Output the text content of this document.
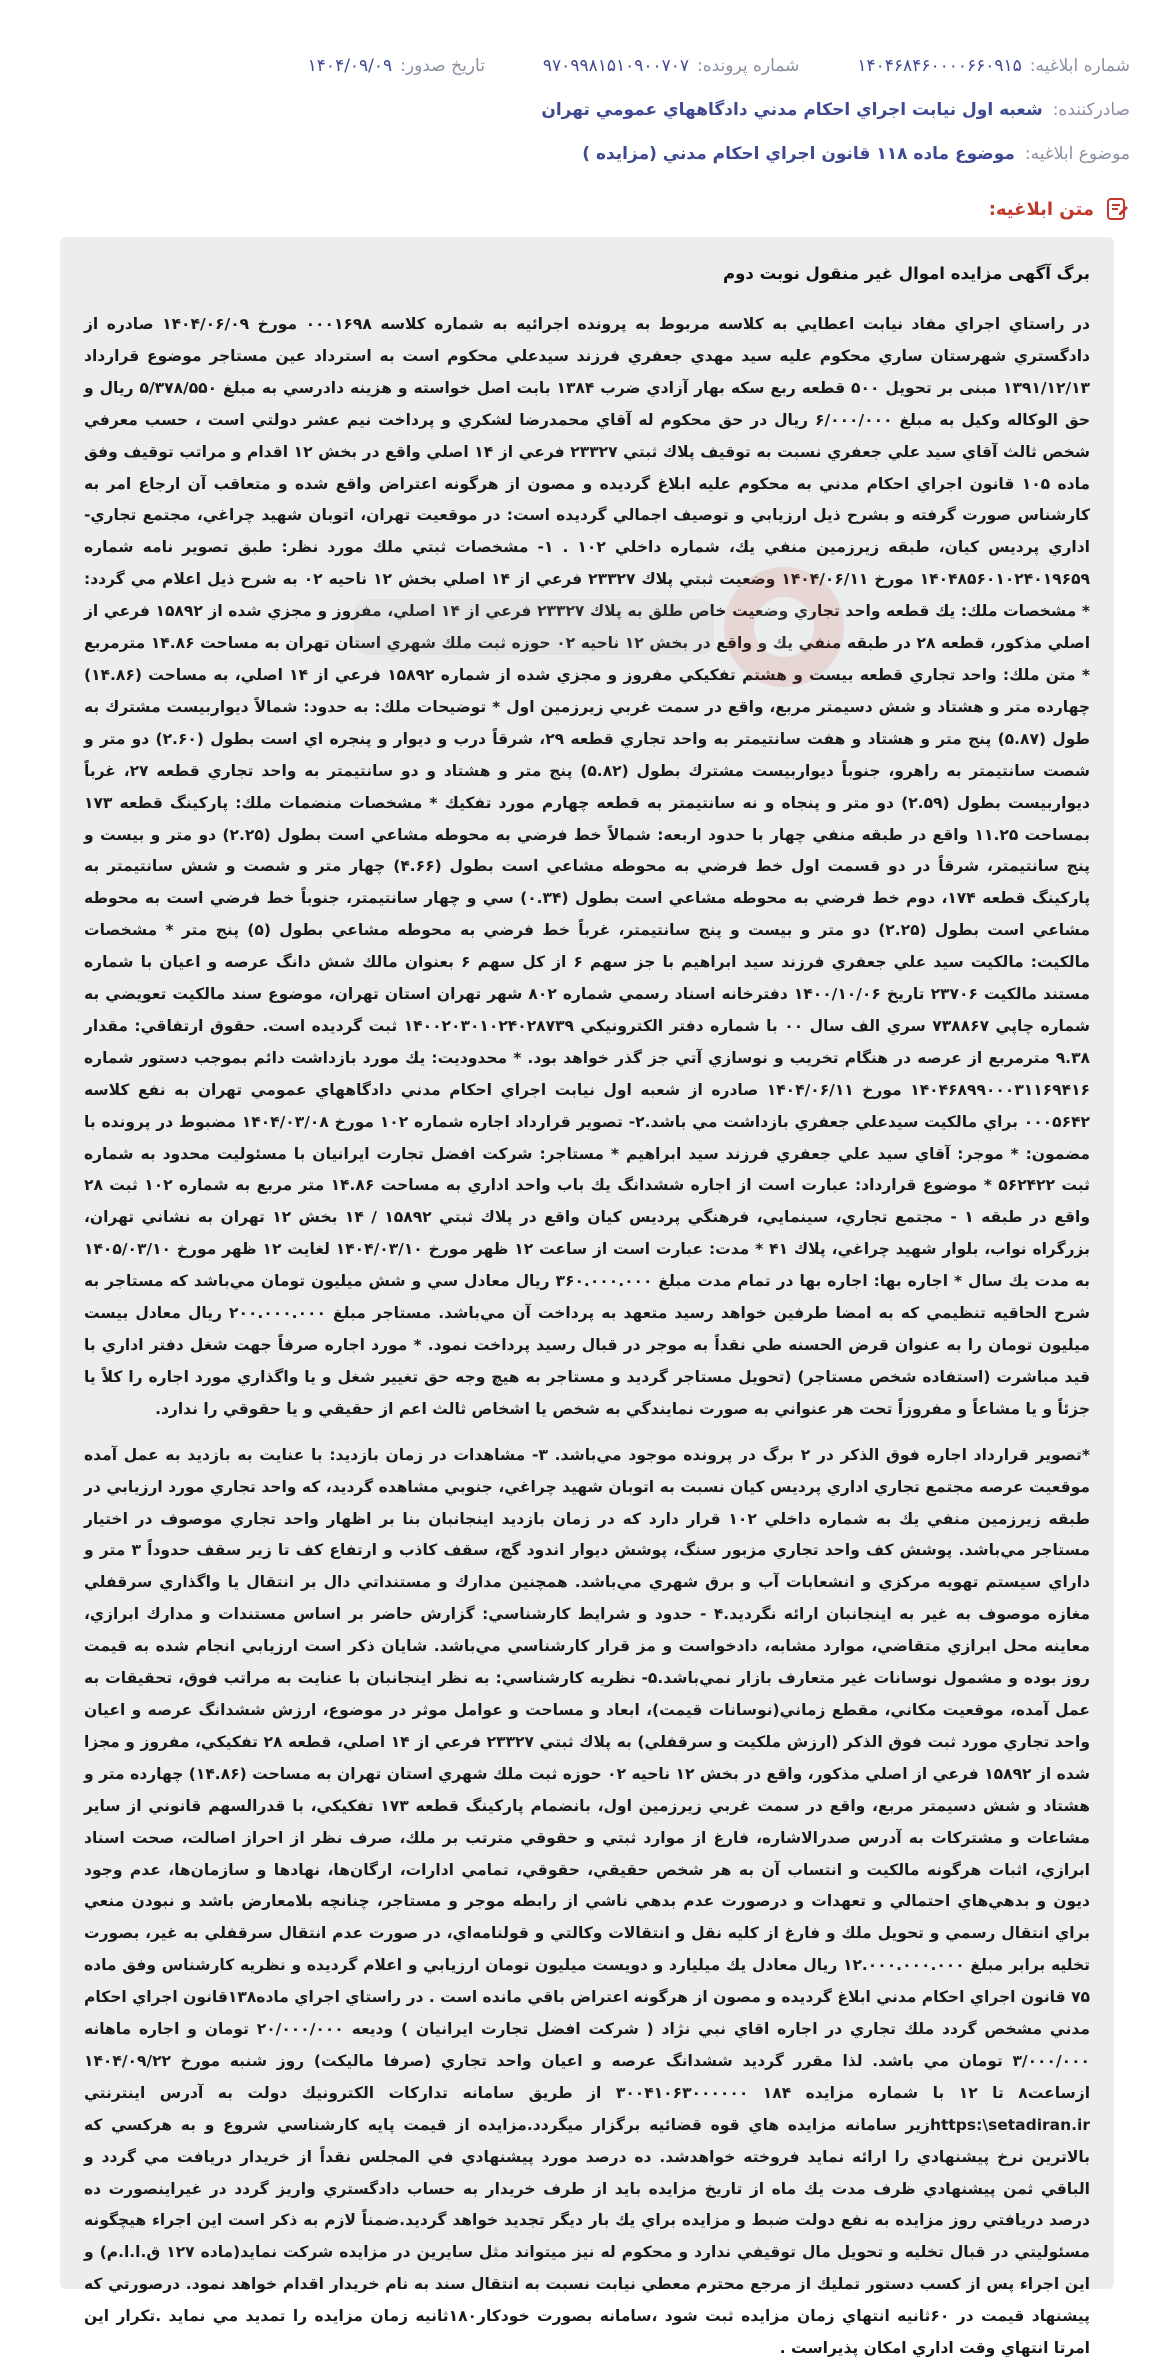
شماره ابلاغیه:
۱۴۰۴۶۸۴۶۰۰۰۰۶۶۰۹۱۵
شماره پرونده:
۹۷۰۹۹۸۱۵۱۰۹۰۰۷۰۷
تاریخ صدور:
۱۴۰۴/۰۹/۰۹
صادرکننده:
شعبه اول نیابت اجراي احکام مدني دادگاههاي عمومي تهران
موضوع ابلاغیه:
موضوع ماده ۱۱۸ قانون اجراي احکام مدني (مزايده )
متن ابلاغیه:
برگ آگهی مزایده اموال غیر منقول نوبت دوم

در راستاي اجراي مفاد نيابت اعطايي به كلاسه مربوط به پرونده اجرائيه به شماره كلاسه ۰۰۰۱۶۹۸ مورخ ۱۴۰۴/۰۶/۰۹ صادره از دادگستري شهرستان ساري محكوم عليه سيد مهدي جعفري فرزند سيدعلي محكوم است به استرداد عين مستاجر موضوع قرارداد ۱۳۹۱/۱۲/۱۳ مبنی بر تحويل ۵۰۰ قطعه ربع سكه بهار آزادي ضرب ۱۳۸۴ بابت اصل خواسته و هزينه دادرسي به مبلغ ۵/۳۷۸/۵۵۰ ريال و حق الوكاله وكيل به مبلغ ۶/۰۰۰/۰۰۰ ريال در حق محكوم له آقاي محمدرضا لشكري و پرداخت نيم عشر دولتي است ، حسب معرفي شخص ثالث آقاي سيد علي جعفري نسبت به توقيف پلاك ثبتي ۲۳۳۲۷ فرعي از ۱۴ اصلي واقع در بخش ۱۲ اقدام و مراتب توقيف وفق ماده ۱۰۵ قانون اجراي احكام مدني به محكوم عليه ابلاغ گرديده و مصون از هرگونه اعتراض واقع شده و متعاقب آن ارجاع امر به كارشناس صورت گرفته و بشرح ذيل ارزيابي و توصيف اجمالي گرديده است: در موقعيت تهران، اتوبان شهيد چراغي، مجتمع تجاري- اداري پرديس كيان، طبقه زيرزمين منفي يك، شماره داخلي ۱۰۲ . ۱- مشخصات ثبتي ملك مورد نظر: طبق تصوير نامه شماره ۱۴۰۴۸۵۶۰۱۰۲۴۰۱۹۶۵۹ مورخ ۱۴۰۴/۰۶/۱۱ وضعيت ثبتي پلاك ۲۳۳۲۷ فرعي از ۱۴ اصلي بخش ۱۲ ناحيه ۰۲ به شرح ذيل اعلام مي گردد: * مشخصات ملك: يك قطعه واحد تجاري وضعيت خاص طلق به پلاك ۲۳۳۲۷ فرعي از ۱۴ اصلي، مفروز و مجزي شده از ۱۵۸۹۲ فرعي از اصلي مذكور، قطعه ۲۸ در طبقه منفي يك و واقع در بخش ۱۲ ناحيه ۰۲ حوزه ثبت ملك شهري استان تهران به مساحت ۱۴.۸۶ مترمربع * متن ملك: واحد تجاري قطعه بيست و هشتم تفكيكي مفروز و مجزي شده از شماره ۱۵۸۹۲ فرعي از ۱۴ اصلي، به مساحت (۱۴.۸۶) چهارده متر و هشتاد و شش دسيمتر مربع، واقع در سمت غربي زيرزمين اول * توضيحات ملك: به حدود: شمالاً ديواربيست مشترك به طول (۵.۸۷) پنج متر و هشتاد و هفت سانتيمتر به واحد تجاري قطعه ۲۹، شرقاً درب و ديوار و پنجره اي است بطول (۲.۶۰) دو متر و شصت سانتيمتر به راهرو، جنوباً ديواربيست مشترك بطول (۵.۸۲) پنج متر و هشتاد و دو سانتيمتر به واحد تجاري قطعه ۲۷، غرباً ديواربيست بطول (۲.۵۹) دو متر و پنجاه و نه سانتيمتر به قطعه چهارم مورد تفكيك * مشخصات منضمات ملك: پاركينگ قطعه ۱۷۳ بمساحت ۱۱.۲۵ واقع در طبقه منفي چهار با حدود اربعه: شمالاً خط فرضي به محوطه مشاعي است بطول (۲.۲۵) دو متر و بيست و پنج سانتيمتر، شرقاً در دو قسمت اول خط فرضي به محوطه مشاعي است بطول (۴.۶۶) چهار متر و شصت و شش سانتيمتر به پاركينگ قطعه ۱۷۴، دوم خط فرضي به محوطه مشاعي است بطول (۰.۳۴) سي و چهار سانتيمتر، جنوباً خط فرضي است به محوطه مشاعي است بطول (۲.۲۵) دو متر و بيست و پنج سانتيمتر، غرباً خط فرضي به محوطه مشاعي بطول (۵) پنج متر * مشخصات مالكيت: مالكيت سيد علي جعفري فرزند سيد ابراهيم با جز سهم ۶ از كل سهم ۶ بعنوان مالك شش دانگ عرصه و اعيان با شماره مستند مالكيت ۲۳۷۰۶ تاريخ ۱۴۰۰/۱۰/۰۶ دفترخانه اسناد رسمي شماره ۸۰۲ شهر تهران استان تهران، موضوع سند مالكيت تعويضي به شماره چاپي ۷۳۸۸۶۷ سري الف سال ۰۰ با شماره دفتر الكترونيكي ۱۴۰۰۲۰۳۰۱۰۲۴۰۲۸۷۳۹ ثبت گرديده است. حقوق ارتفاقي: مقدار ۹.۳۸ مترمربع از عرصه در هنگام تخريب و نوسازي آتي جز گذر خواهد بود. * محدوديت: يك مورد بازداشت دائم بموجب دستور شماره ۱۴۰۴۶۸۹۹۰۰۰۳۱۱۶۹۴۱۶ مورخ ۱۴۰۴/۰۶/۱۱ صادره از شعبه اول نيابت اجراي احكام مدني دادگاههاي عمومي تهران به نفع كلاسه ۰۰۰۵۶۴۲ براي مالكيت سيدعلي جعفري بازداشت مي باشد.۲- تصوير قرارداد اجاره شماره ۱۰۲ مورخ ۱۴۰۴/۰۳/۰۸ مضبوط در پرونده با مضمون: * موجر: آقاي سيد علي جعفري فرزند سيد ابراهيم * مستاجر: شركت افضل تجارت ايرانيان با مسئوليت محدود به شماره ثبت ۵۶۲۴۲۲ * موضوع قرارداد: عبارت است از اجاره ششدانگ يك باب واحد اداري به مساحت ۱۴.۸۶ متر مربع به شماره ۱۰۲ ثبت ۲۸ واقع در طبقه ۱ - مجتمع تجاري، سينمايي، فرهنگي پرديس كيان واقع در پلاك ثبتي ۱۵۸۹۲ / ۱۴ بخش ۱۲ تهران به نشاني تهران، بزرگراه نواب، بلوار شهيد چراغي، پلاك ۴۱ * مدت: عبارت است از ساعت ۱۲ ظهر مورخ ۱۴۰۴/۰۳/۱۰ لغايت ۱۲ ظهر مورخ ۱۴۰۵/۰۳/۱۰ به مدت يك سال * اجاره بها: اجاره بها در تمام مدت مبلغ ۳۶۰.۰۰۰.۰۰۰ ريال معادل سي و شش ميليون تومان مي‌باشد كه مستاجر به شرح الحاقيه تنظيمي كه به امضا طرفين خواهد رسيد متعهد به پرداخت آن مي‌باشد. مستاجر مبلغ ۲۰۰.۰۰۰.۰۰۰ ريال معادل بيست ميليون تومان را به عنوان قرض الحسنه طي نقداً به موجر در قبال رسيد پرداخت نمود. * مورد اجاره صرفاً جهت شغل دفتر اداري با قيد مباشرت (استفاده شخص مستاجر) (تحويل مستاجر گرديد و مستاجر به هيچ وجه حق تغيير شغل و يا واگذاري مورد اجاره را كلاً يا جزئاً و يا مشاعاً و مفروزاً تحت هر عنواني به صورت نمايندگي به شخص يا اشخاص ثالث اعم از حقيقي و يا حقوقي را ندارد.

*تصوير قرارداد اجاره فوق الذكر در ۲ برگ در پرونده موجود مي‌باشد. ۳- مشاهدات در زمان بازديد: با عنايت به بازديد به عمل آمده موقعيت عرصه مجتمع تجاري اداري پرديس كيان نسبت به اتوبان شهيد چراغي، جنوبي مشاهده گرديد، كه واحد تجاري مورد ارزيابي در طبقه زيرزمين منفي يك به شماره داخلي ۱۰۲ قرار دارد كه در زمان بازديد اينجانبان بنا بر اظهار واحد تجاري موصوف در اختيار مستاجر مي‌باشد. پوشش كف واحد تجاري مزبور سنگ، پوشش ديوار اندود گچ، سقف كاذب و ارتفاع كف تا زير سقف حدوداً ۳ متر و داراي سيستم تهويه مركزي و انشعابات آب و برق شهري مي‌باشد. همچنين مدارك و مستنداتي دال بر انتقال يا واگذاري سرقفلي مغازه موصوف به غير به اينجانبان ارائه نگرديد.۴ - حدود و شرايط كارشناسي: گزارش حاضر بر اساس مستندات و مدارك ابرازي، معاينه محل ابرازي متقاضي، موارد مشابه، دادخواست و مز قرار كارشناسي مي‌باشد. شايان ذكر است ارزيابي انجام شده به قيمت روز بوده و مشمول نوسانات غير متعارف بازار نمي‌باشد.۵- نظريه كارشناسي: به نظر اينجانبان با عنايت به مراتب فوق، تحقيقات به عمل آمده، موقعيت مكاني، مقطع زماني(نوسانات قيمت)، ابعاد و مساحت و عوامل موثر در موضوع، ارزش ششدانگ عرصه و اعيان واحد تجاري مورد ثبت فوق الذكر (ارزش ملكيت و سرقفلي) به پلاك ثبتي ۲۳۳۲۷ فرعي از ۱۴ اصلي، قطعه ۲۸ تفكيكي، مفروز و مجزا شده از ۱۵۸۹۲ فرعي از اصلي مذكور، واقع در بخش ۱۲ ناحيه ۰۲ حوزه ثبت ملك شهري استان تهران به مساحت (۱۴.۸۶) چهارده متر و هشتاد و شش دسيمتر مربع، واقع در سمت غربي زيرزمين اول، بانضمام پاركينگ قطعه ۱۷۳ تفكيكي، با قدرالسهم قانوني از ساير مشاعات و مشتركات به آدرس صدرالاشاره، فارغ از موارد ثبتي و حقوقي مترتب بر ملك، صرف نظر از احراز اصالت، صحت اسناد ابرازي، اثبات هرگونه مالكيت و انتساب آن به هر شخص حقيقي، حقوقي، تمامي ادارات، ارگان‌ها، نهادها و سازمان‌ها، عدم وجود ديون و بدهي‌هاي احتمالي و تعهدات و درصورت عدم بدهي ناشي از رابطه موجر و مستاجر، چنانچه بلامعارض باشد و نبودن منعي براي انتقال رسمي و تحويل ملك و فارغ از كليه نقل و انتقالات وكالتي و قولنامه‌اي، در صورت عدم انتقال سرقفلي به غير، بصورت تخليه برابر مبلغ ۱۲.۰۰۰.۰۰۰.۰۰۰ ريال معادل يك ميليارد و دويست ميليون تومان ارزيابي و اعلام گرديده و نظريه كارشناس وفق ماده ۷۵ قانون اجراي احكام مدني ابلاغ گرديده و مصون از هرگونه اعتراض باقي مانده است . در راستاي اجراي ماده۱۳۸قانون اجراي احكام مدني مشخص گردد ملك تجاري در اجاره اقاي نبي نژاد ( شركت افضل تجارت ايرانيان ) وديعه ۲۰/۰۰۰/۰۰۰ تومان و اجاره ماهانه ۳/۰۰۰/۰۰۰ تومان مي باشد. لذا مقرر گرديد ششدانگ عرصه و اعيان واحد تجاري (صرفا ماليكت) روز شنبه مورخ ۱۴۰۴/۰۹/۲۲ ازساعت۸ تا ۱۲ با شماره مزايده ۱۸۴ ۳۰۰۴۱۰۶۳۰۰۰۰۰۰ از طريق سامانه تداركات الكترونيك دولت به آدرس اينترنتي https:\setadiran.irزير سامانه مزايده هاي قوه قضائيه برگزار ميگردد.مزايده از قيمت پايه كارشناسي شروع و به هركسي كه بالاترين نرخ پيشنهادي را ارائه نمايد فروخته خواهدشد. ده درصد مورد پيشنهادي في المجلس نقداً از خريدار دريافت مي گردد و الباقي ثمن پيشنهادي ظرف مدت يك ماه از تاريخ مزايده بايد از طرف خريدار به حساب دادگستري واريز گردد در غيراينصورت ده درصد دريافتي روز مزايده به نفع دولت ضبط و مزايده براي يك بار ديگر تجديد خواهد گرديد.ضمناً لازم به ذكر است اين اجراء هيچگونه مسئوليتي در قبال تخليه و تحويل مال توقيفي ندارد و محكوم له نيز ميتواند مثل سايرين در مزايده شركت نمايد(ماده ۱۲۷ ق.ا.ا.م) و اين اجراء پس از كسب دستور تمليك از مرجع محترم معطي نيابت نسبت به انتقال سند به نام خريدار اقدام خواهد نمود. درصورتي كه پيشنهاد قيمت در ۶۰ثانيه انتهاي زمان مزايده ثبت شود ،سامانه بصورت خودكار۱۸۰ثانيه زمان مزايده را تمديد مي نمايد .تكرار اين امرتا انتهاي وقت اداري امكان پذيراست .
